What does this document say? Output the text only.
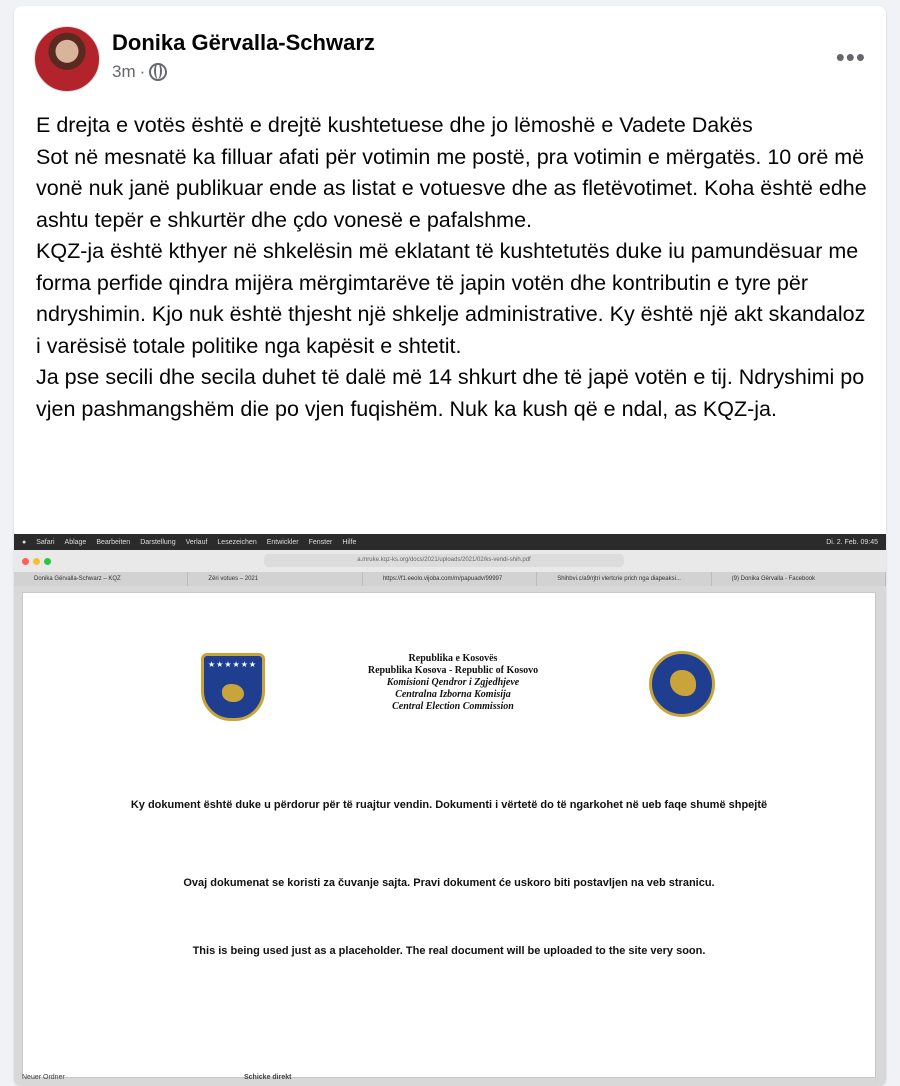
Donika Gërvalla-Schwarz
3m ·	•••

E drejta e votës është e drejtë kushtetuese dhe jo lëmoshë e Vadete Dakës

Sot në mesnatë ka filluar afati për votimin me postë, pra votimin e mërgatës. 10 orë më vonë nuk janë publikuar ende as listat e votuesve dhe as fletëvotimet. Koha është edhe ashtu tepër e shkurtër dhe çdo vonesë e pafalshme.

KQZ-ja është kthyer në shkelësin më eklatant të kushtetutës duke iu pamundësuar me forma perfide qindra mijëra mërgimtarëve të japin votën dhe kontributin e tyre për ndryshimin. Kjo nuk është thjesht një shkelje administrative. Ky është një akt skandaloz i varësisë totale politike nga kapësit e shtetit.

Ja pse secili dhe secila duhet të dalë më 14 shkurt dhe të japë votën e tij. Ndryshimi po vjen pashmangshëm die po vjen fuqishëm. Nuk ka kush që e ndal, as KQZ-ja.

● Safari Ablage Bearbeiten Darstellung Verlauf Lesezeichen Entwickler Fenster Hilfe	Di. 2. Feb. 09:45
a.mruke.kqz-ks.org/docs/2021/uploads/2021/02/ks-vendi-shih.pdf
Donika Gërvalla-Schwarz – KQZ	Zëri votues – 2021	https://f1.eeolo.vijoba.com/m/papuadv/99997	Shihbvi.c/a9/rjtri vlertcrie prich nga diapeaksi...	(9) Donika Gërvalla - Facebook
★★★★★★
Republika e Kosovës
Republika Kosova - Republic of Kosovo
Komisioni Qendror i Zgjedhjeve
Centralna Izborna Komisija
Central Election Commission
Ky dokument është duke u përdorur për të ruajtur vendin. Dokumenti i vërtetë do të ngarkohet në ueb faqe shumë shpejtë
Ovaj dokumenat se koristi za čuvanje sajta. Pravi dokument će uskoro biti postavljen na veb stranicu.
This is being used just as a placeholder. The real document will be uploaded to the site very soon.
Neuer Ordner	Schicke direkt
